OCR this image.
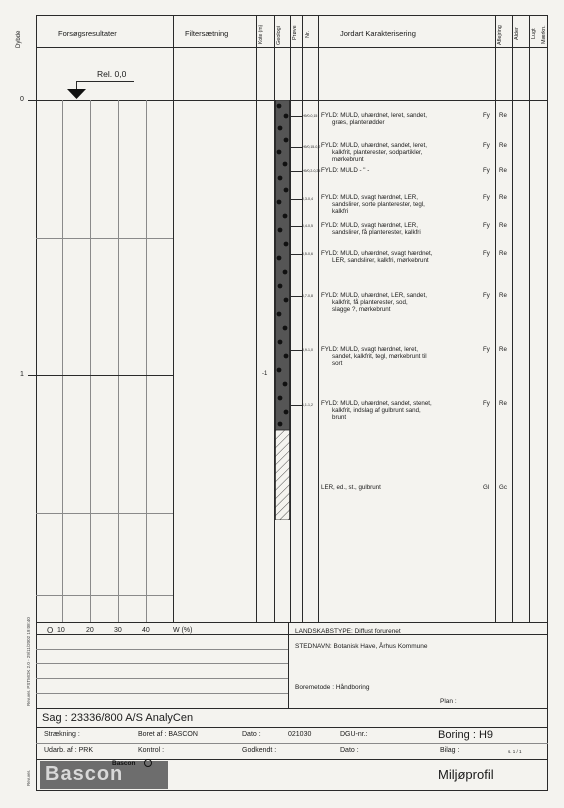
Dybde	Forsøgsresultater	Filtersætning	Kote (m) Geologi Prøve Nr.	Jordart Karakterisering	Aflejring Alder Lugt Mærkn.
Rel. 0,0
0
1	-1
H9/0-0,15 FYLD: MULD, uhærdnet, leret, sandet,
græs, planterødder
Fy Re
H9/0,15-0,2 FYLD: MULD, uhærdnet, sandet, leret,
kalkfrit, planterester, sodpartikler,
mørkebrunt
Fy Re
H9/0,2-0,25 FYLD: MULD - " -	Fy Re
0,3-0,4 FYLD: MULD, svagt hærdnet, LER,
sandslirer, sorte planterester, tegl,
kalkfri
Fy Re
0,4-0,5 FYLD: MULD, svagt hærdnet, LER,
sandslirer, få planterester, kalkfri
Fy Re
0,5-0,6 FYLD: MULD, uhærdnet, svagt hærdnet,
LER, sandslirer, kalkfri, mørkebrunt
Fy Re
0,7-0,8 FYLD: MULD, uhærdnet, LER, sandet,
kalkfrit, få planterester, sod,
slagge ?, mørkebrunt
Fy Re
0,9-1,0 FYLD: MULD, svagt hærdnet, leret,
sandet, kalkfrit, tegl, mørkebrunt til
sort
Fy Re
1,1-1,2 FYLD: MULD, uhærdnet, sandet, stenet,
kalkfrit, indslag af gulbrunt sand,
brunt
Fy Re
LER, ed., st., gulbrunt	Gl Gc
O 10	20	30	40	W (%)	LANDSKABSTYPE: Diffust forurenet
STEDNAVN: Botanisk Have, Århus Kommune
Boremetode : Håndboring
Plan :
Rev.ver. PSTMOK 2.0 - 29/11/2002 19:08:40
Rev.ver.
Sag : 23336/800 A/S AnalyCen
Strækning :	Boret af : BASCON	Dato :	021030	DGU-nr.:	Boring : H9
Udarb. af : PRK	Kontrol :	Godkendt :	Dato :	Bilag :	s. 1 / 1
Bascon
Bascon	Miljøprofil
